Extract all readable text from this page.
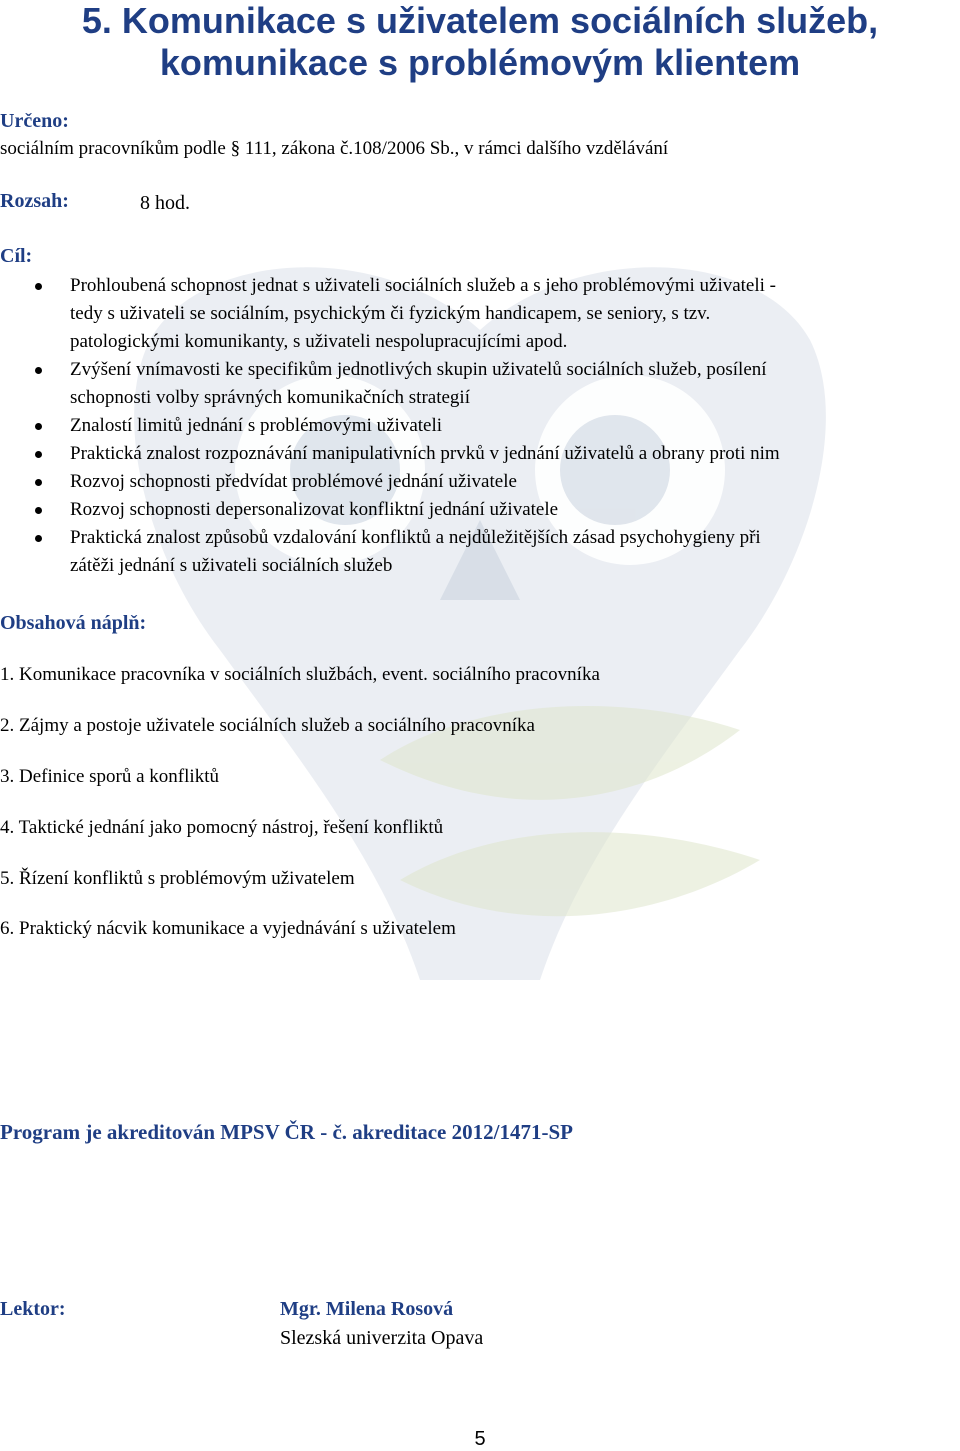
5. Komunikace s uživatelem sociálních služeb,
komunikace s problémovým klientem
Určeno:
sociálním pracovníkům podle § 111, zákona č.108/2006 Sb., v rámci dalšího vzdělávání
Rozsah:	8 hod.
Cíl:
Prohloubená schopnost jednat s uživateli sociálních služeb a s jeho problémovými uživateli -
tedy s uživateli se sociálním, psychickým či fyzickým handicapem, se seniory, s tzv.
patologickými komunikanty, s uživateli nespolupracujícími apod.
Zvýšení vnímavosti ke specifikům jednotlivých skupin uživatelů sociálních služeb, posílení
schopnosti volby správných komunikačních strategií
Znalostí limitů jednání s problémovými uživateli
Praktická znalost rozpoznávání manipulativních prvků v jednání uživatelů a obrany proti nim
Rozvoj schopnosti předvídat problémové jednání uživatele
Rozvoj schopnosti depersonalizovat konfliktní jednání uživatele
Praktická znalost způsobů vzdalování konfliktů a nejdůležitějších zásad psychohygieny při
zátěži jednání s uživateli sociálních služeb
Obsahová náplň:
1. Komunikace pracovníka v sociálních službách, event. sociálního pracovníka
2. Zájmy a postoje uživatele sociálních služeb a sociálního pracovníka
3. Definice sporů a konfliktů
4. Taktické jednání jako pomocný nástroj, řešení konfliktů
5. Řízení konfliktů s problémovým uživatelem
6. Praktický nácvik komunikace a vyjednávání s uživatelem
Program je akreditován MPSV ČR - č. akreditace 2012/1471-SP
Lektor:	Mgr. Milena Rosová
Slezská univerzita Opava
5
